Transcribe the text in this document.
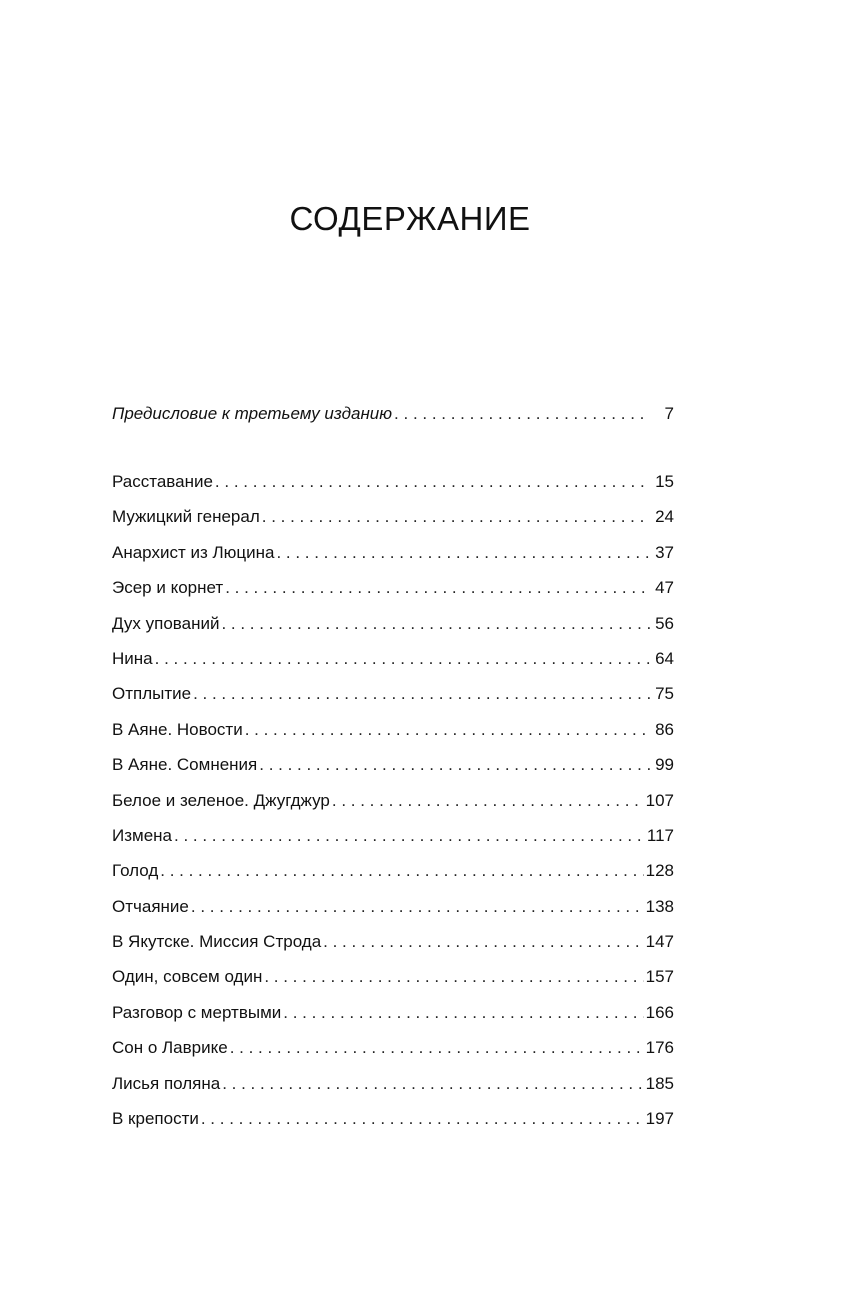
СОДЕРЖАНИЕ
Предисловие к третьему изданию . . .	7
Расставание . . .	15
Мужицкий генерал . . .	24
Анархист из Люцина . . .	37
Эсер и корнет . . .	47
Дух упований . . .	56
Нина . . .	64
Отплытие . . .	75
В Аяне. Новости . . .	86
В Аяне. Сомнения . . .	99
Белое и зеленое. Джугджур . . .	107
Измена . . .	117
Голод . . .	128
Отчаяние . . .	138
В Якутске. Миссия Строда . . .	147
Один, совсем один . . .	157
Разговор с мертвыми . . .	166
Сон о Лаврике . . .	176
Лисья поляна . . .	185
В крепости . . .	197
